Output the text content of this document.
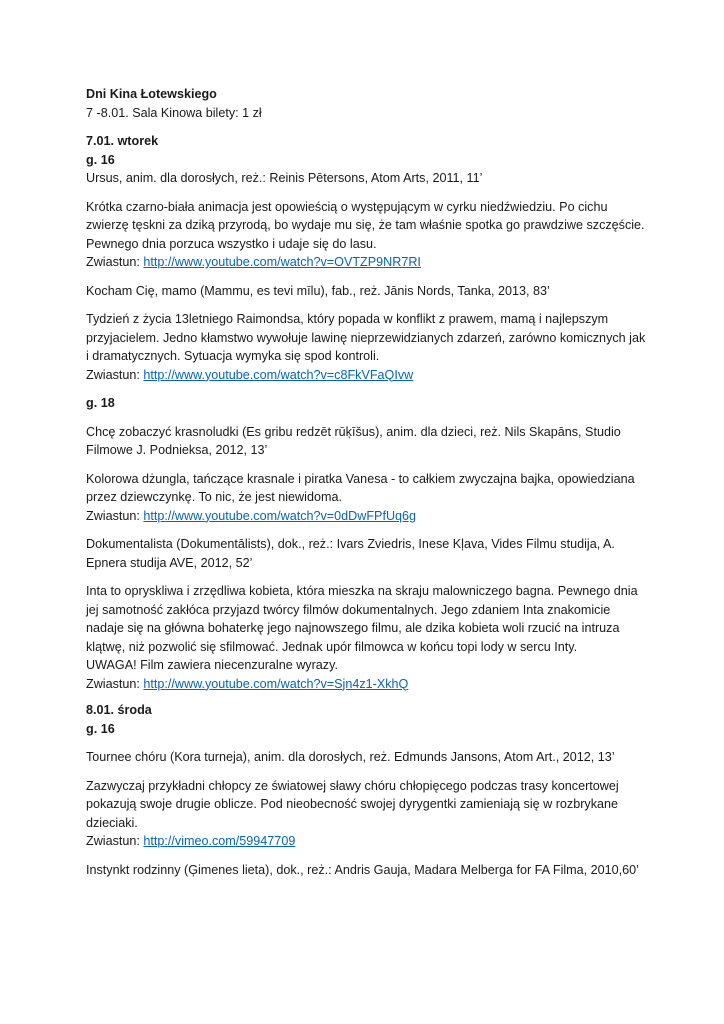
Dni Kina Łotewskiego

7 -8.01. Sala Kinowa bilety: 1 zł

7.01. wtorek

g. 16

Ursus, anim. dla dorosłych, reż.: Reinis Pētersons, Atom Arts, 2011, 11’

Krótka czarno-biała animacja jest opowieścią o występującym w cyrku niedźwiedziu. Po cichu zwierzę tęskni za dziką przyrodą, bo wydaje mu się, że tam właśnie spotka go prawdziwe szczęście. Pewnego dnia porzuca wszystko i udaje się do lasu.

Zwiastun: http://www.youtube.com/watch?v=OVTZP9NR7RI

Kocham Cię, mamo (Mammu, es tevi mīlu), fab., reż. Jānis Nords, Tanka, 2013, 83’

Tydzień z życia 13letniego Raimondsa, który popada w konflikt z prawem, mamą i najlepszym przyjacielem. Jedno kłamstwo wywołuje lawinę nieprzewidzianych zdarzeń, zarówno komicznych jak i dramatycznych. Sytuacja wymyka się spod kontroli.

Zwiastun: http://www.youtube.com/watch?v=c8FkVFaQIvw

g. 18

Chcę zobaczyć krasnoludki (Es gribu redzēt rūķīšus), anim. dla dzieci, reż. Nils Skapāns, Studio Filmowe J. Podnieksa, 2012, 13’

Kolorowa dżungla, tańczące krasnale i piratka Vanesa - to całkiem zwyczajna bajka, opowiedziana przez dziewczynkę. To nic, że jest niewidoma.

Zwiastun: http://www.youtube.com/watch?v=0dDwFPfUq6g

Dokumentalista (Dokumentālists), dok., reż.: Ivars Zviedris, Inese Kļava, Vides Filmu studija, A. Epnera studija AVE, 2012, 52’

Inta to opryskliwa i zrzędliwa kobieta, która mieszka na skraju malowniczego bagna. Pewnego dnia jej samotność zakłóca przyjazd twórcy filmów dokumentalnych. Jego zdaniem Inta znakomicie nadaje się na główna bohaterkę jego najnowszego filmu, ale dzika kobieta woli rzucić na intruza klątwę, niż pozwolić się sfilmować. Jednak upór filmowca w końcu topi lody w sercu Inty.

UWAGA! Film zawiera niecenzuralne wyrazy.

Zwiastun: http://www.youtube.com/watch?v=Sjn4z1-XkhQ

8.01. środa

g. 16

Tournee chóru (Kora turneja), anim. dla dorosłych, reż. Edmunds Jansons, Atom Art., 2012, 13’

Zazwyczaj przykładni chłopcy ze światowej sławy chóru chłopięcego podczas trasy koncertowej pokazują swoje drugie oblicze. Pod nieobecność swojej dyrygentki zamieniają się w rozbrykane dzieciaki.

Zwiastun: http://vimeo.com/59947709

Instynkt rodzinny (Ģimenes lieta), dok., reż.: Andris Gauja, Madara Melberga for FA Filma, 2010,60’
